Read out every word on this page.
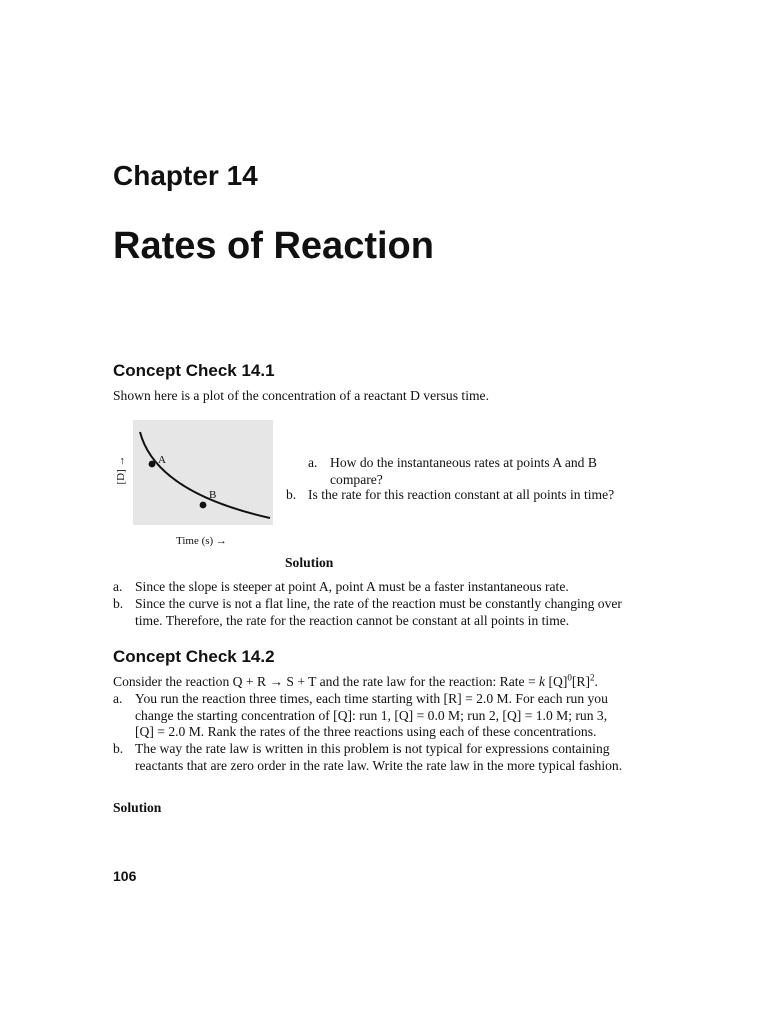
Chapter 14
Rates of Reaction
Concept Check 14.1
Shown here is a plot of the concentration of a reactant D versus time.
A
B
[D] →
Time (s) →
a. How do the instantaneous rates at points A and B compare?
b. Is the rate for this reaction constant at all points in time?
Solution
a. Since the slope is steeper at point A, point A must be a faster instantaneous rate.
b. Since the curve is not a flat line, the rate of the reaction must be constantly changing over time. Therefore, the rate for the reaction cannot be constant at all points in time.
Concept Check 14.2
Consider the reaction Q + R → S + T and the rate law for the reaction: Rate = k $[Q]^0[R]^2$.
a. You run the reaction three times, each time starting with [R] = 2.0 M. For each run you change the starting concentration of [Q]: run 1, [Q] = 0.0 M; run 2, [Q] = 1.0 M; run 3, [Q] = 2.0 M. Rank the rates of the three reactions using each of these concentrations.
b. The way the rate law is written in this problem is not typical for expressions containing reactants that are zero order in the rate law. Write the rate law in the more typical fashion.
Solution
106
